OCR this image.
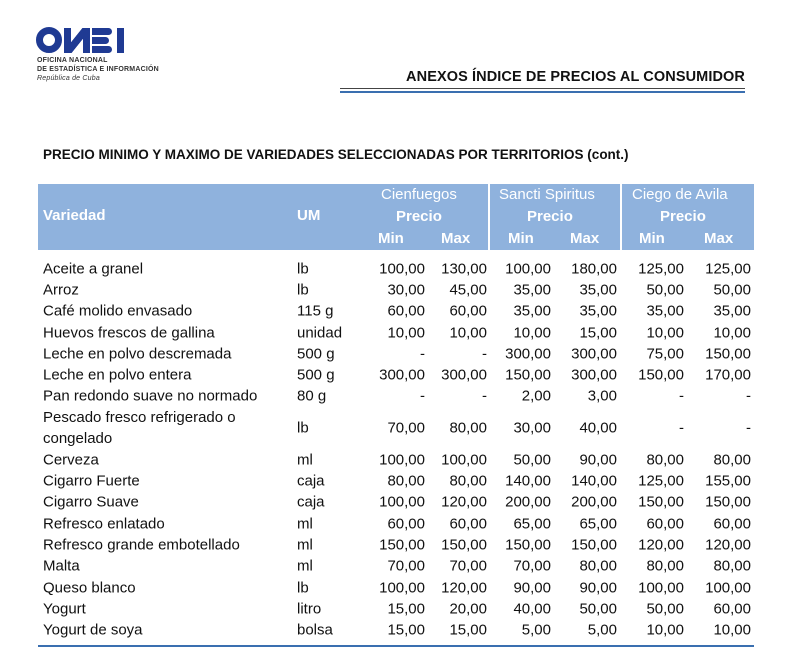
OFICINA NACIONAL
DE ESTADÍSTICA E INFORMACIÓN
República de Cuba	ANEXOS ÍNDICE DE PRECIOS AL CONSUMIDOR
PRECIO MINIMO Y MAXIMO DE VARIEDADES SELECCIONADAS POR TERRITORIOS (cont.)
Variedad	UM
Cienfuegos
Precio
Min Max
Sancti Spiritus
Precio
Min Max
Ciego de Avila
Precio
Min	Max
Aceite a granel	lb	100,00	130,00	100,00	180,00	125,00	125,00
Arroz	lb	30,00	45,00	35,00	35,00	50,00	50,00
Café molido envasado	115 g	60,00	60,00	35,00	35,00	35,00	35,00
Huevos frescos de gallina	unidad	10,00	10,00	10,00	15,00	10,00	10,00
Leche en polvo descremada	500 g	-	-	300,00	300,00	75,00	150,00
Leche en polvo entera	500 g	300,00	300,00	150,00	300,00	150,00	170,00
Pan redondo suave no normado	80 g	-	-	2,00	3,00	-	-
Pescado fresco refrigerado o congelado
lb	70,00	80,00	30,00	40,00	-	-
Cerveza	ml	100,00	100,00	50,00	90,00	80,00	80,00
Cigarro Fuerte	caja	80,00	80,00	140,00	140,00	125,00	155,00
Cigarro Suave	caja	100,00	120,00	200,00	200,00	150,00	150,00
Refresco enlatado	ml	60,00	60,00	65,00	65,00	60,00	60,00
Refresco grande embotellado	ml	150,00	150,00	150,00	150,00	120,00	120,00
Malta	ml	70,00	70,00	70,00	80,00	80,00	80,00
Queso blanco	lb	100,00	120,00	90,00	90,00	100,00	100,00
Yogurt	litro	15,00	20,00	40,00	50,00	50,00	60,00
Yogurt de soya	bolsa	15,00	15,00	5,00	5,00	10,00	10,00
